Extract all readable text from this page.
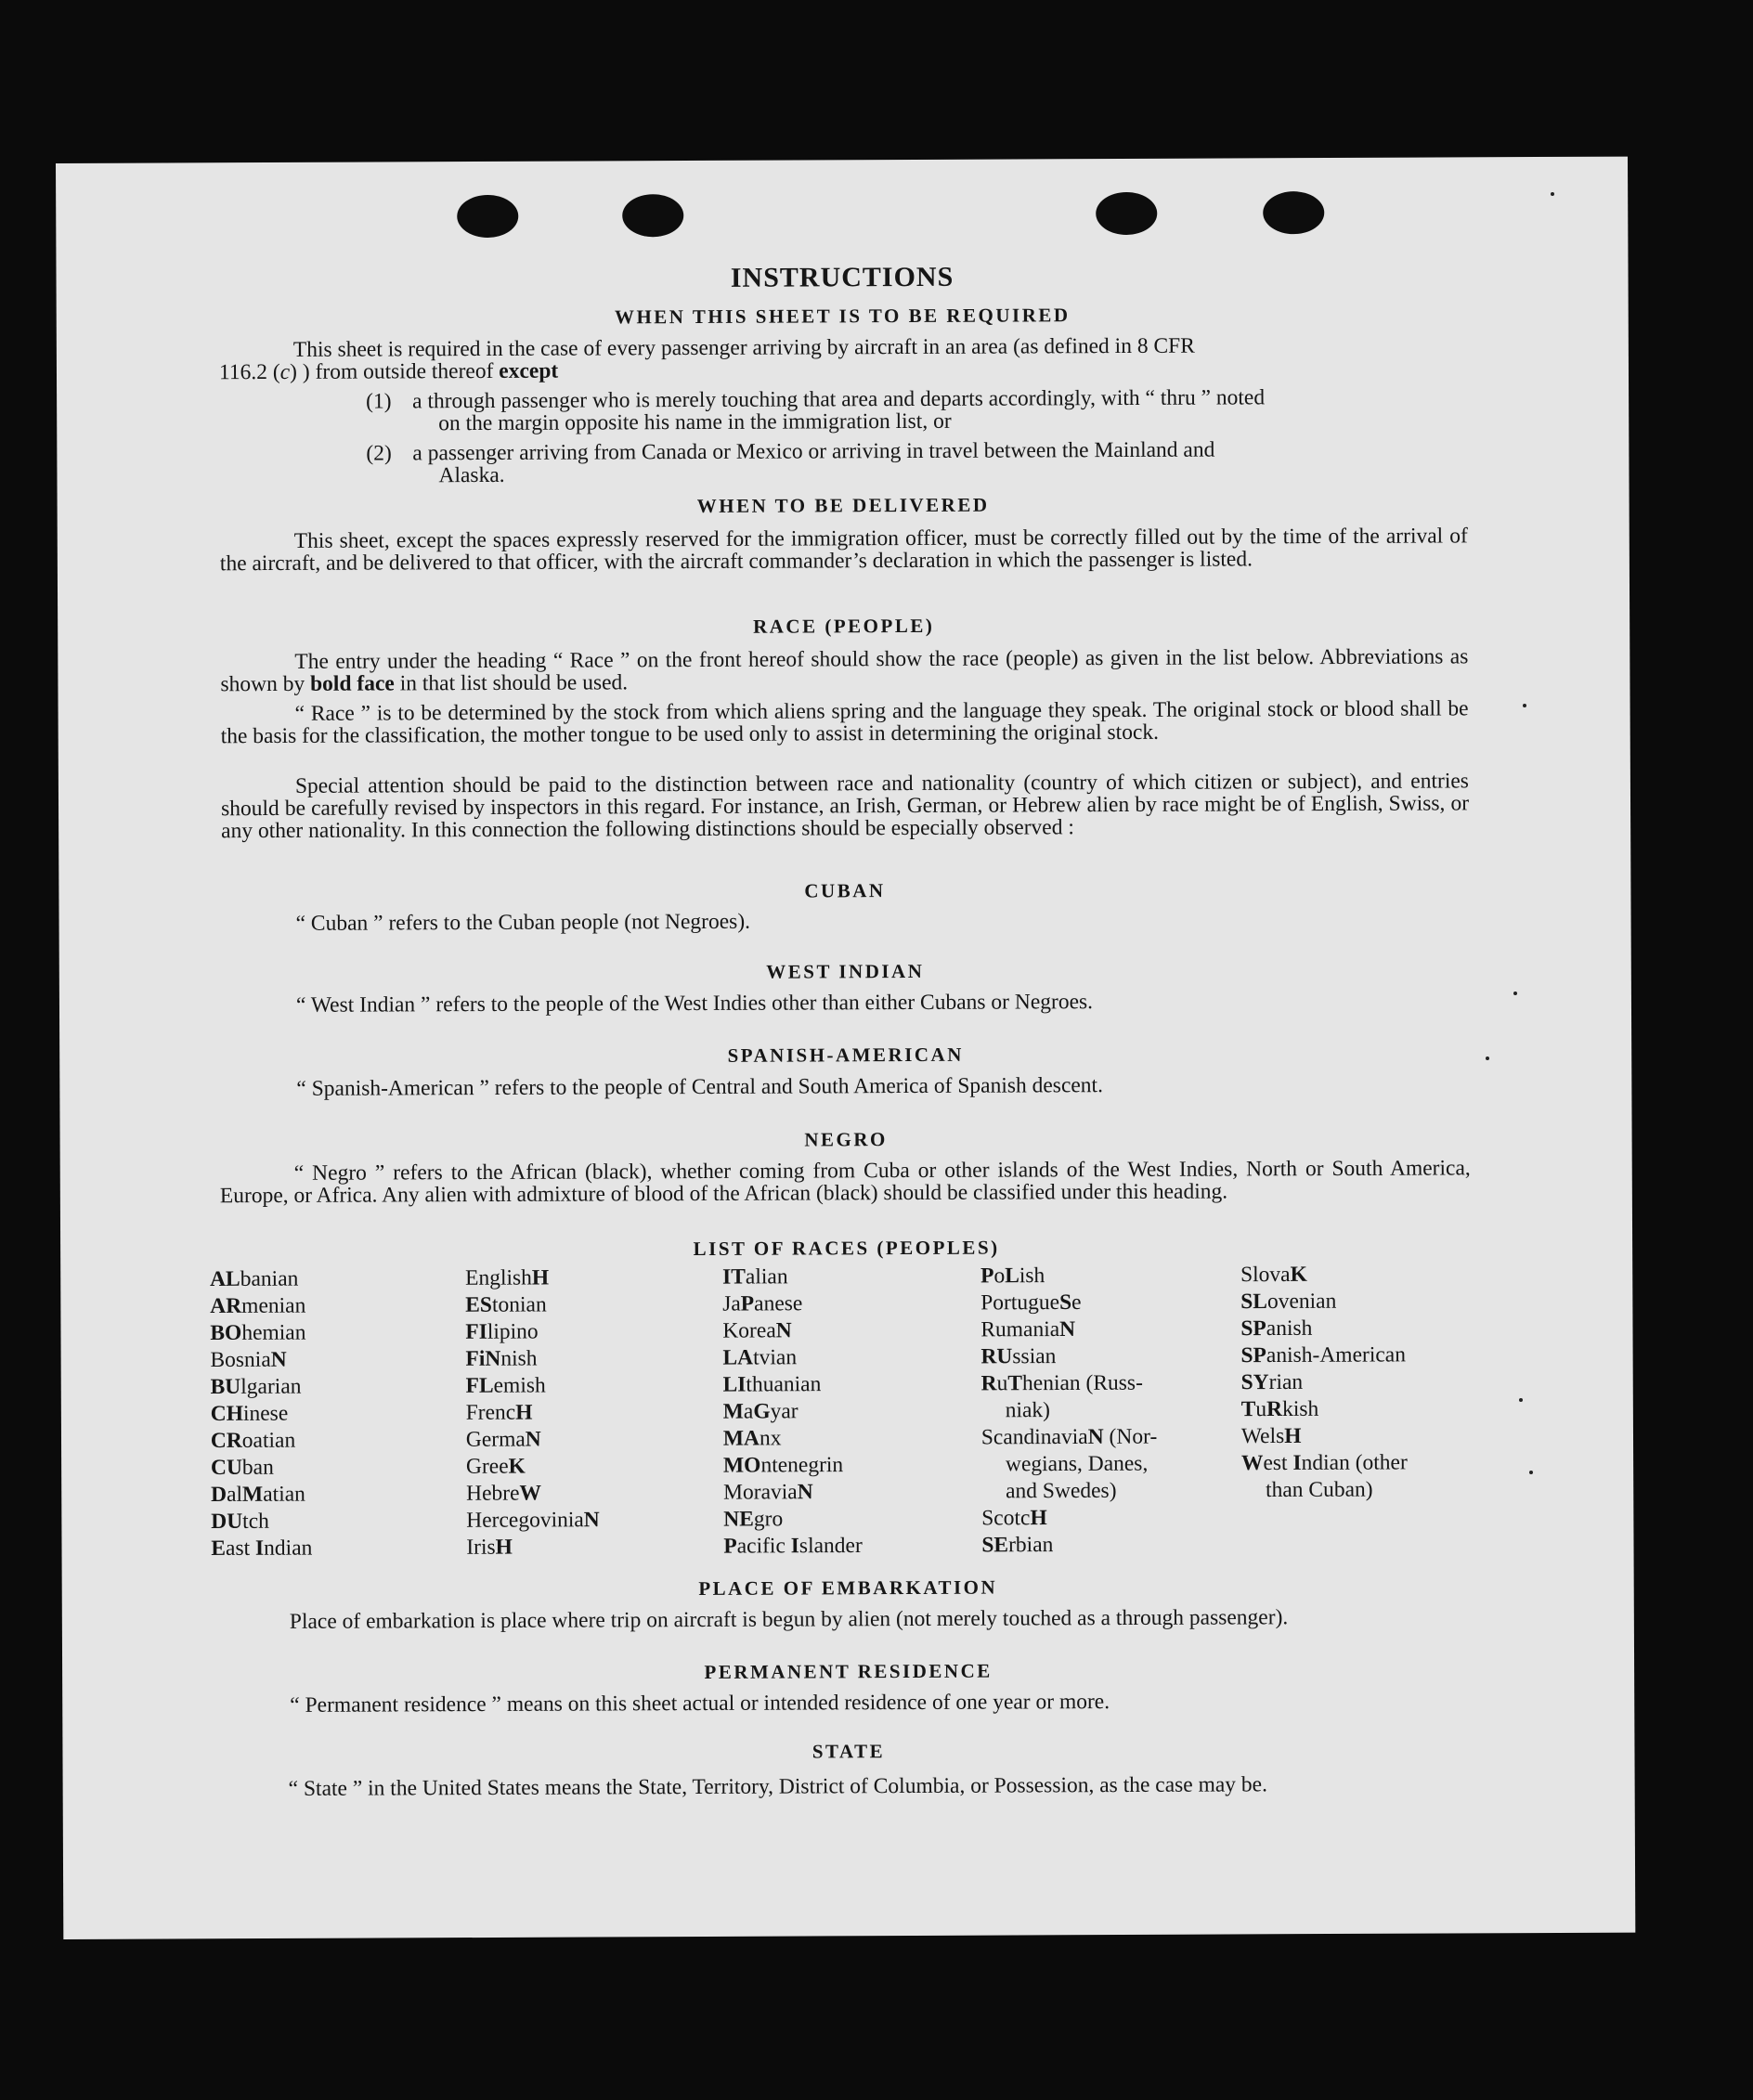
INSTRUCTIONS
WHEN THIS SHEET IS TO BE REQUIRED
This sheet is required in the case of every passenger arriving by aircraft in an area (as defined in 8 CFR
116.2 (c) ) from outside thereof except
(1) a through passenger who is merely touching that area and departs accordingly, with “ thru ” noted
on the margin opposite his name in the immigration list, or
(2) a passenger arriving from Canada or Mexico or arriving in travel between the Mainland and
Alaska.
WHEN TO BE DELIVERED
This sheet, except the spaces expressly reserved for the immigration officer, must be correctly filled out by the time of the arrival of the aircraft, and be delivered to that officer, with the aircraft commander’s declaration in which the passenger is listed.
RACE (PEOPLE)
The entry under the heading “ Race ” on the front hereof should show the race (people) as given in the list below. Abbreviations as shown by bold face in that list should be used.
“ Race ” is to be determined by the stock from which aliens spring and the language they speak. The original stock or blood shall be the basis for the classification, the mother tongue to be used only to assist in determining the original stock.
Special attention should be paid to the distinction between race and nationality (country of which citizen or subject), and entries should be carefully revised by inspectors in this regard. For instance, an Irish, German, or Hebrew alien by race might be of English, Swiss, or any other nationality. In this connection the following distinctions should be especially observed :
CUBAN
“ Cuban ” refers to the Cuban people (not Negroes).
WEST INDIAN
“ West Indian ” refers to the people of the West Indies other than either Cubans or Negroes.
SPANISH-AMERICAN
“ Spanish-American ” refers to the people of Central and South America of Spanish descent.
NEGRO
“ Negro ” refers to the African (black), whether coming from Cuba or other islands of the West Indies, North or South America, Europe, or Africa. Any alien with admixture of blood of the African (black) should be classified under this heading.
LIST OF RACES (PEOPLES)
ALbanian
ARmenian
BOhemian
BosniaN
BUlgarian
CHinese
CRoatian
CUban
DalMatian
DUtch
East Indian
EnglishH
EStonian
FIlipino
FiNnish
FLemish
FrencH
GermaN
GreeK
HebreW
HercegoviniaN
IrisH
ITalian
JaPanese
KoreaN
LAtvian
LIthuanian
MaGyar
MAnx
MOntenegrin
MoraviaN
NEgro
Pacific Islander
PoLish
PortugueSe
RumaniaN
RUssian
RuThenian (Russ-
niak)
ScandinaviaN (Nor-
wegians, Danes,
and Swedes)
ScotcH
SErbian
SlovaK
SLovenian
SPanish
SPanish-American
SYrian
TuRkish
WelsH
West Indian (other
than Cuban)
PLACE OF EMBARKATION
Place of embarkation is place where trip on aircraft is begun by alien (not merely touched as a through passenger).
PERMANENT RESIDENCE
“ Permanent residence ” means on this sheet actual or intended residence of one year or more.
STATE
“ State ” in the United States means the State, Territory, District of Columbia, or Possession, as the case may be.
